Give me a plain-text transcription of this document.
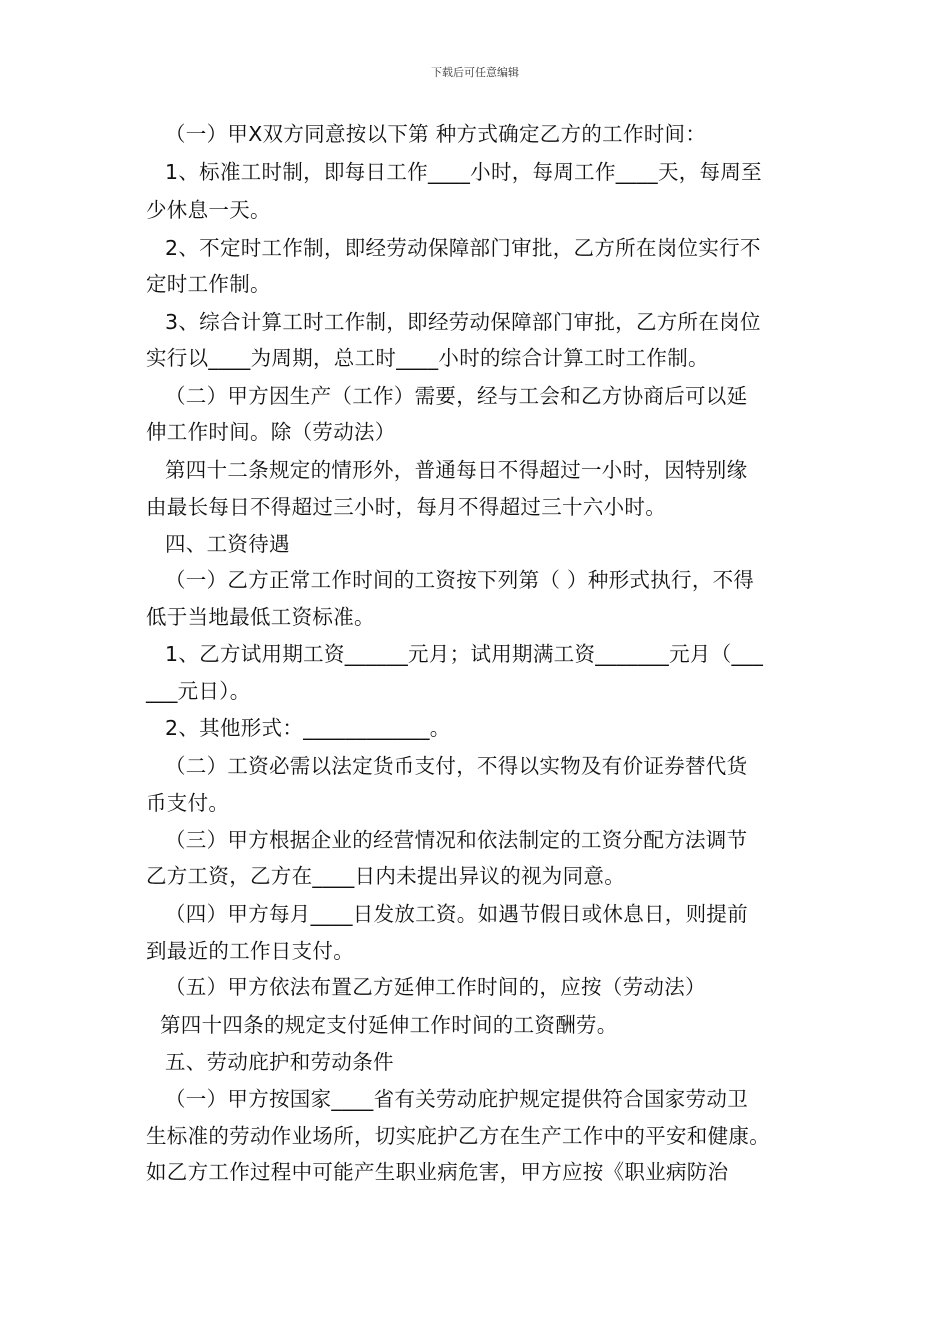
下载后可任意编辑
（一）甲X双方同意按以下第 种方式确定乙方的工作时间：
1、标准工时制，即每日工作____小时，每周工作____天，每周至
少休息一天。
2、不定时工作制，即经劳动保障部门审批，乙方所在岗位实行不
定时工作制。
3、综合计算工时工作制，即经劳动保障部门审批，乙方所在岗位
实行以____为周期，总工时____小时的综合计算工时工作制。
（二）甲方因生产（工作）需要，经与工会和乙方协商后可以延
伸工作时间。除（劳动法）
第四十二条规定的情形外，普通每日不得超过一小时，因特别缘
由最长每日不得超过三小时，每月不得超过三十六小时。
四、工资待遇
（一）乙方正常工作时间的工资按下列第（ ）种形式执行，不得
低于当地最低工资标准。
1、乙方试用期工资______元月；试用期满工资_______元月（___
___元日）。
2、其他形式：____________。
（二）工资必需以法定货币支付，不得以实物及有价证券替代货
币支付。
（三）甲方根据企业的经营情况和依法制定的工资分配方法调节
乙方工资，乙方在____日内未提出异议的视为同意。
（四）甲方每月____日发放工资。如遇节假日或休息日，则提前
到最近的工作日支付。
（五）甲方依法布置乙方延伸工作时间的，应按（劳动法）
第四十四条的规定支付延伸工作时间的工资酬劳。
五、劳动庇护和劳动条件
（一）甲方按国家____省有关劳动庇护规定提供符合国家劳动卫
生标准的劳动作业场所，切实庇护乙方在生产工作中的平安和健康。
如乙方工作过程中可能产生职业病危害，甲方应按《职业病防治
